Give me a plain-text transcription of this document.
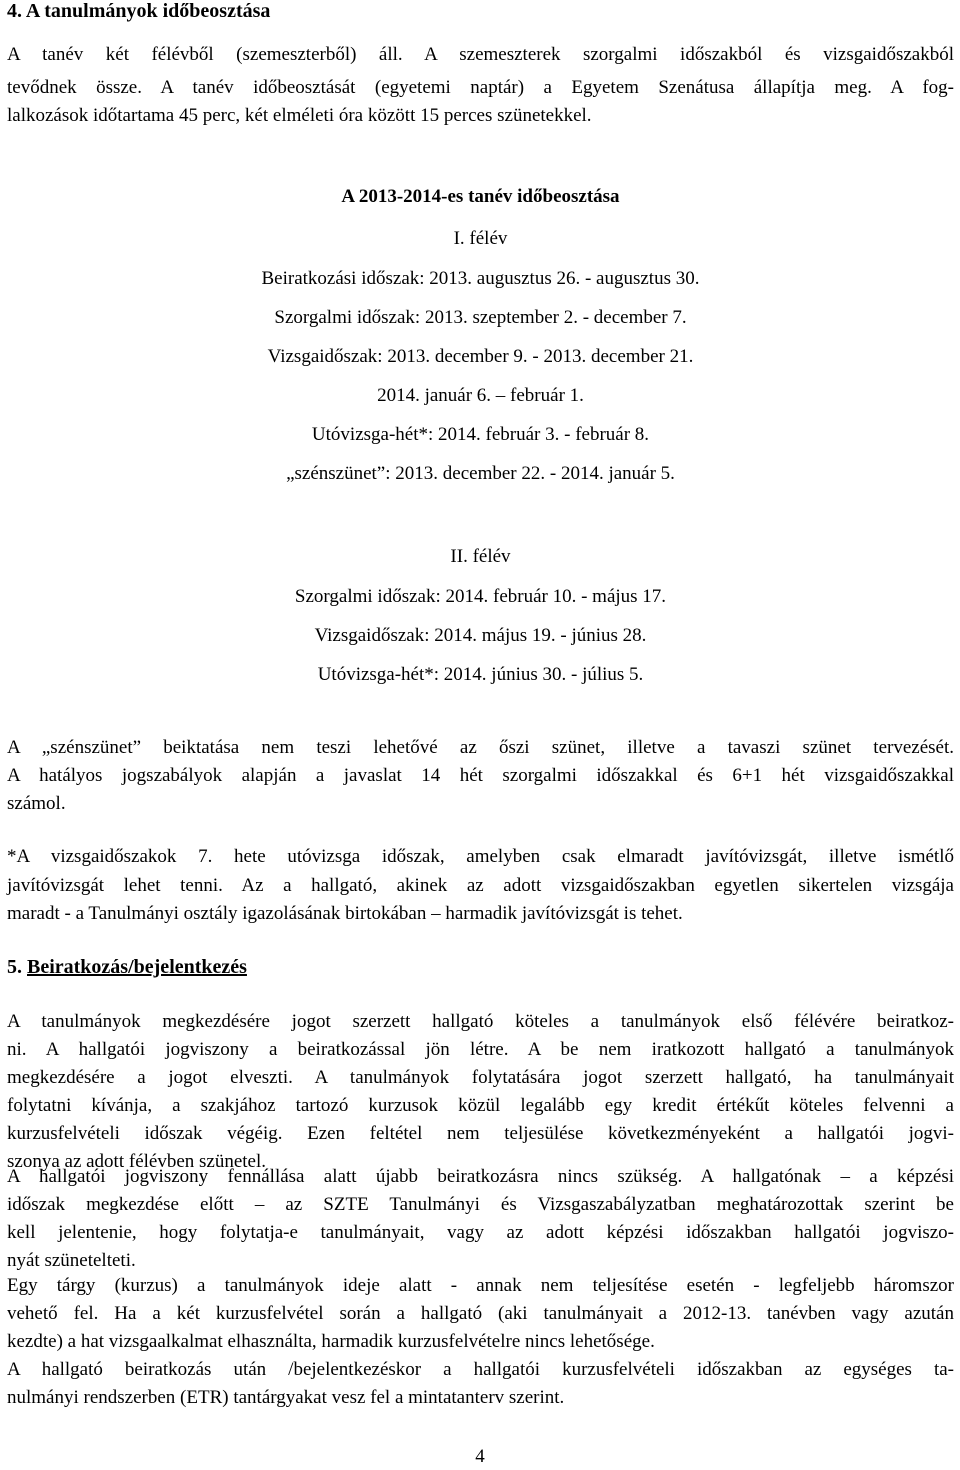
4. A tanulmányok időbeosztása
A tanév két félévből (szemeszterből) áll. A szemeszterek szorgalmi időszakból és vizsgaidőszakból
tevődnek össze. A tanév időbeosztását (egyetemi naptár) a Egyetem Szenátusa állapítja meg. A fog-
lalkozások időtartama 45 perc, két elméleti óra között 15 perces szünetekkel.
A 2013-2014-es tanév időbeosztása
I. félév
Beiratkozási időszak: 2013. augusztus 26. - augusztus 30.
Szorgalmi időszak: 2013. szeptember 2. - december 7.
Vizsgaidőszak: 2013. december 9. - 2013. december 21.
2014. január 6. – február 1.
Utóvizsga-hét*: 2014. február 3. - február 8.
„szénszünet”: 2013. december 22. - 2014. január 5.
II. félév
Szorgalmi időszak: 2014. február 10. - május 17.
Vizsgaidőszak: 2014. május 19. - június 28.
Utóvizsga-hét*: 2014. június 30. - július 5.
A „szénszünet” beiktatása nem teszi lehetővé az őszi szünet, illetve a tavaszi szünet tervezését.
A hatályos jogszabályok alapján a javaslat 14 hét szorgalmi időszakkal és 6+1 hét vizsgaidőszakkal
számol.
*A vizsgaidőszakok 7. hete utóvizsga időszak, amelyben csak elmaradt javítóvizsgát, illetve ismétlő
javítóvizsgát lehet tenni. Az a hallgató, akinek az adott vizsgaidőszakban egyetlen sikertelen vizsgája
maradt - a Tanulmányi osztály igazolásának birtokában – harmadik javítóvizsgát is tehet.
5. Beiratkozás/bejelentkezés
A tanulmányok megkezdésére jogot szerzett hallgató köteles a tanulmányok első félévére beiratkoz-
ni. A hallgatói jogviszony a beiratkozással jön létre. A be nem iratkozott hallgató a tanulmányok
megkezdésére a jogot elveszti. A tanulmányok folytatására jogot szerzett hallgató, ha tanulmányait
folytatni kívánja, a szakjához tartozó kurzusok közül legalább egy kredit értékűt köteles felvenni a
kurzusfelvételi időszak végéig. Ezen feltétel nem teljesülése következményeként a hallgatói jogvi-
szonya az adott félévben szünetel.
A hallgatói jogviszony fennállása alatt újabb beiratkozásra nincs szükség. A hallgatónak – a képzési
időszak megkezdése előtt – az SZTE Tanulmányi és Vizsgaszabályzatban meghatározottak szerint be
kell jelentenie, hogy folytatja-e tanulmányait, vagy az adott képzési időszakban hallgatói jogviszo-
nyát szünetelteti.
Egy tárgy (kurzus) a tanulmányok ideje alatt - annak nem teljesítése esetén - legfeljebb háromszor
vehető fel. Ha a két kurzusfelvétel során a hallgató (aki tanulmányait a 2012-13. tanévben vagy azután
kezdte) a hat vizsgaalkalmat elhasználta, harmadik kurzusfelvételre nincs lehetősége.
A hallgató beiratkozás után /bejelentkezéskor a hallgatói kurzusfelvételi időszakban az egységes ta-
nulmányi rendszerben (ETR) tantárgyakat vesz fel a mintatanterv szerint.
4
